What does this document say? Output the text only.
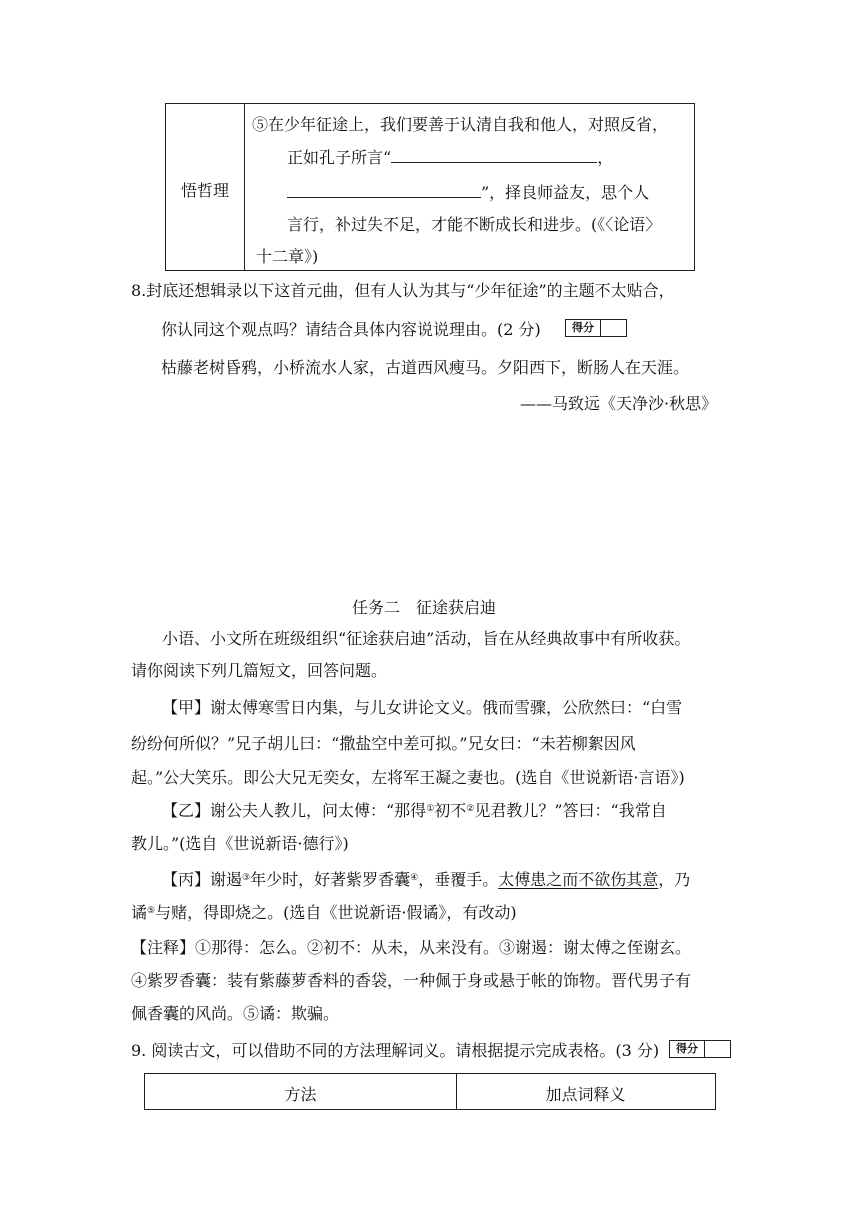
悟哲理
⑤在少年征途上，我们要善于认清自我和他人，对照反省，
正如孔子所言“	，
”，择良师益友，思个人
言行，补过失不足，才能不断成长和进步。(《〈论语〉
十二章》)
8.封底还想辑录以下这首元曲，但有人认为其与“少年征途”的主题不太贴合，
你认同这个观点吗？请结合具体内容说说理由。(2 分)	得分
枯藤老树昏鸦，小桥流水人家，古道西风瘦马。夕阳西下，断肠人在天涯。
——马致远《天净沙·秋思》
任务二　征途获启迪
小语、小文所在班级组织“征途获启迪”活动，旨在从经典故事中有所收获。
请你阅读下列几篇短文，回答问题。
【甲】谢太傅寒雪日内集，与儿女讲论文义。俄而雪骤，公欣然曰：“白雪
纷纷何所似？”兄子胡儿曰：“撒盐空中差可拟。”兄女曰：“未若柳絮因风
起。”公大笑乐。即公大兄无奕女，左将军王凝之妻也。(选自《世说新语·言语》)
【乙】谢公夫人教儿，问太傅：“那得①初不②见君教儿？”答曰：“我常自
教儿。”(选自《世说新语·德行》)
【丙】谢遏③年少时，好著紫罗香囊④，垂覆手。太傅患之而不欲伤其意，乃
谲⑤与赌，得即烧之。(选自《世说新语·假谲》，有改动)
【注释】①那得：怎么。②初不：从未，从来没有。③谢遏：谢太傅之侄谢玄。
④紫罗香囊：装有紫藤萝香料的香袋，一种佩于身或悬于帐的饰物。晋代男子有
佩香囊的风尚。⑤谲：欺骗。
9. 阅读古文，可以借助不同的方法理解词义。请根据提示完成表格。(3 分)	得分
方法	加点词释义
